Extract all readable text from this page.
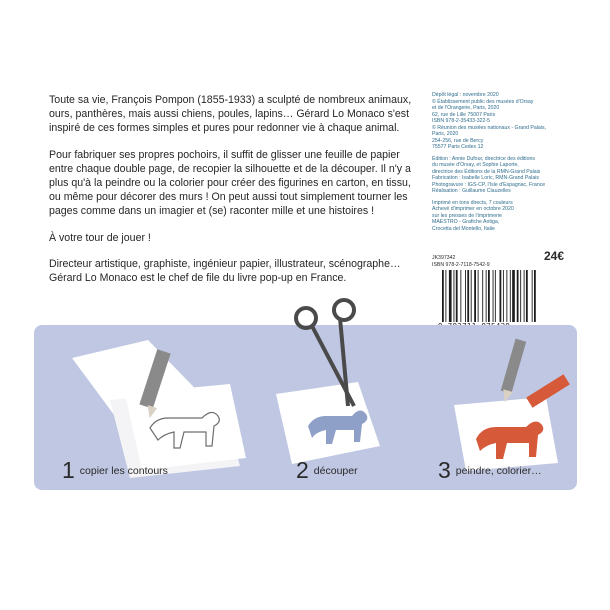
Toute sa vie, François Pompon (1855-1933) a sculpté de nombreux animaux, ours, panthères, mais aussi chiens, poules, lapins… Gérard Lo Monaco s'est inspiré de ces formes simples et pures pour redonner vie à chaque animal.

Pour fabriquer ses propres pochoirs, il suffit de glisser une feuille de papier entre chaque double page, de recopier la silhouette et de la découper. Il n'y a plus qu'à la peindre ou la colorier pour créer des figurines en carton, en tissu, ou même pour décorer des murs ! On peut aussi tout simplement tourner les pages comme dans un imagier et (se) raconter mille et une histoires !

À votre tour de jouer !

Directeur artistique, graphiste, ingénieur papier, illustrateur, scénographe… Gérard Lo Monaco est le chef de file du livre pop-up en France.

Dépôt légal : novembre 2020
© Établissement public des musées d'Orsay
et de l'Orangerie, Paris, 2020
62, rue de Lille 75007 Paris
ISBN 978-2-35433-322-5
© Réunion des musées nationaux - Grand Palais,
Paris, 2020
254-256, rue de Bercy
75577 Paris Cedex 12
Édition : Annie Dufour, directrice des éditions
du musée d'Orsay, et Sophie Laporte,
directrice des Éditions de la RMN-Grand Palais
Fabrication : Isabelle Loric, RMN-Grand Palais
Photogravure : IGS-CP, l'Isle d'Espagnac, France
Réalisation : Guillaume Clauzelles
Imprimé en tons directs, 7 couleurs
Achevé d'imprimer en octobre 2020
sur les presses de l'imprimerie
MAESTRO - Grafiche Antiga,
Crocetta del Montello, Italie
JK397342
ISBN 978-2-7118-7542-9
24€
1 copier les contours	2 découper	3 peindre, colorier…
